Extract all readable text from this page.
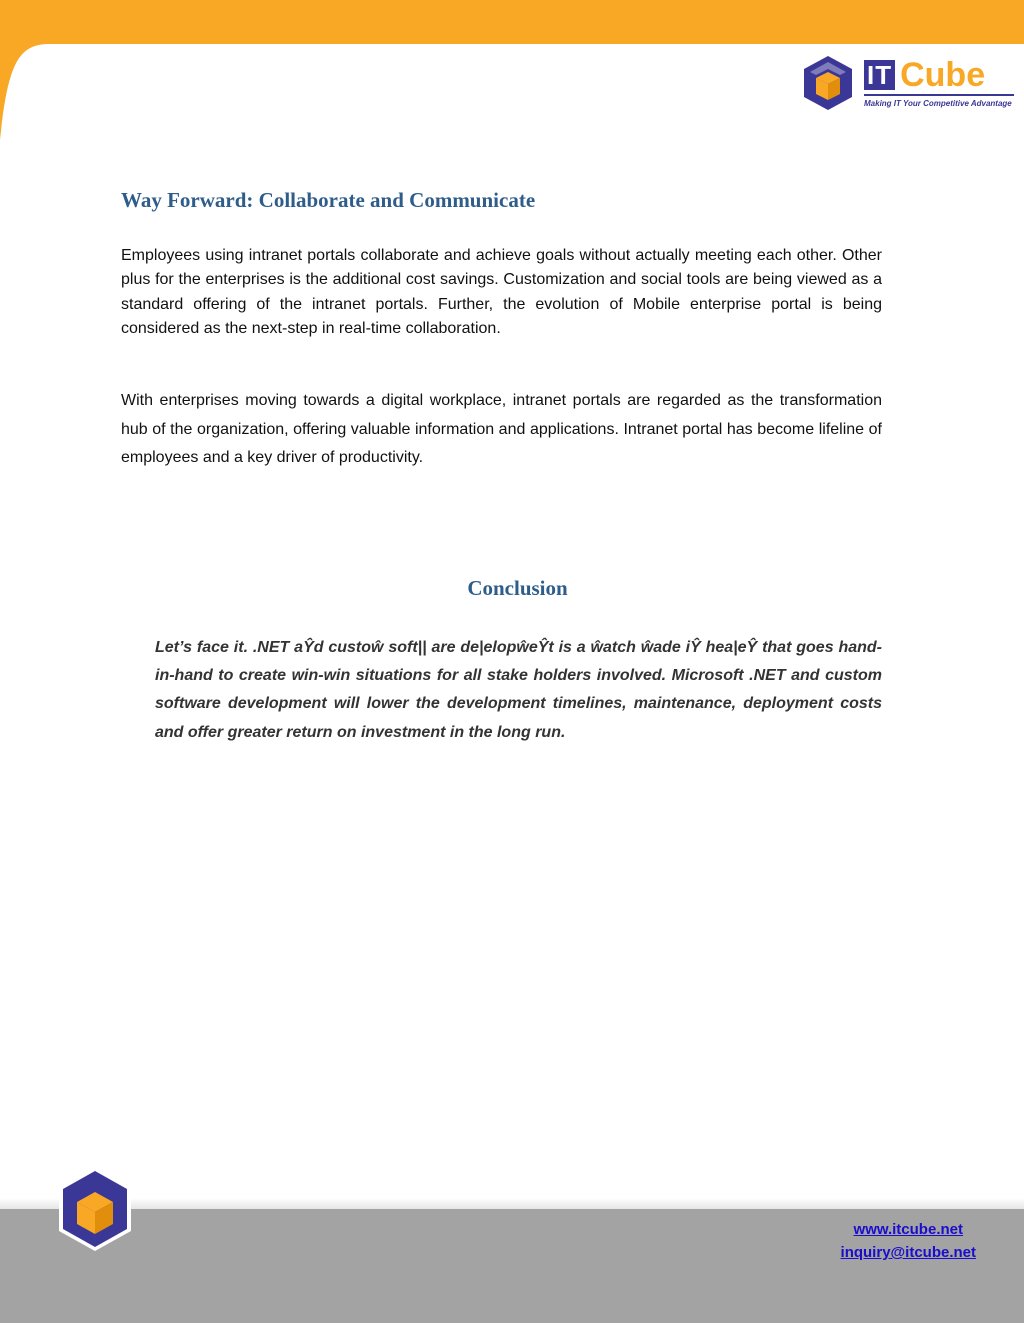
IT Cube
Making IT Your Competitive Advantage
Way Forward: Collaborate and Communicate

Employees using intranet portals collaborate and achieve goals without actually meeting each other. Other plus for the enterprises is the additional cost savings. Customization and social tools are being viewed as a standard offering of the intranet portals. Further, the evolution of Mobile enterprise portal is being considered as the next-step in real-time collaboration.

With enterprises moving towards a digital workplace, intranet portals are regarded as the transformation hub of the organization, offering valuable information and applications. Intranet portal has become lifeline of employees and a key driver of productivity.

Conclusion

Let’s face it. .NET aŶd custoŵ soft|| are de|elopŵeŶt is a ŵatch ŵade iŶ hea|eŶ that goes hand-in-hand to create win-win situations for all stake holders involved. Microsoft .NET and custom software development will lower the development timelines, maintenance, deployment costs and offer greater return on investment in the long run.

www.itcube.net
inquiry@itcube.net
